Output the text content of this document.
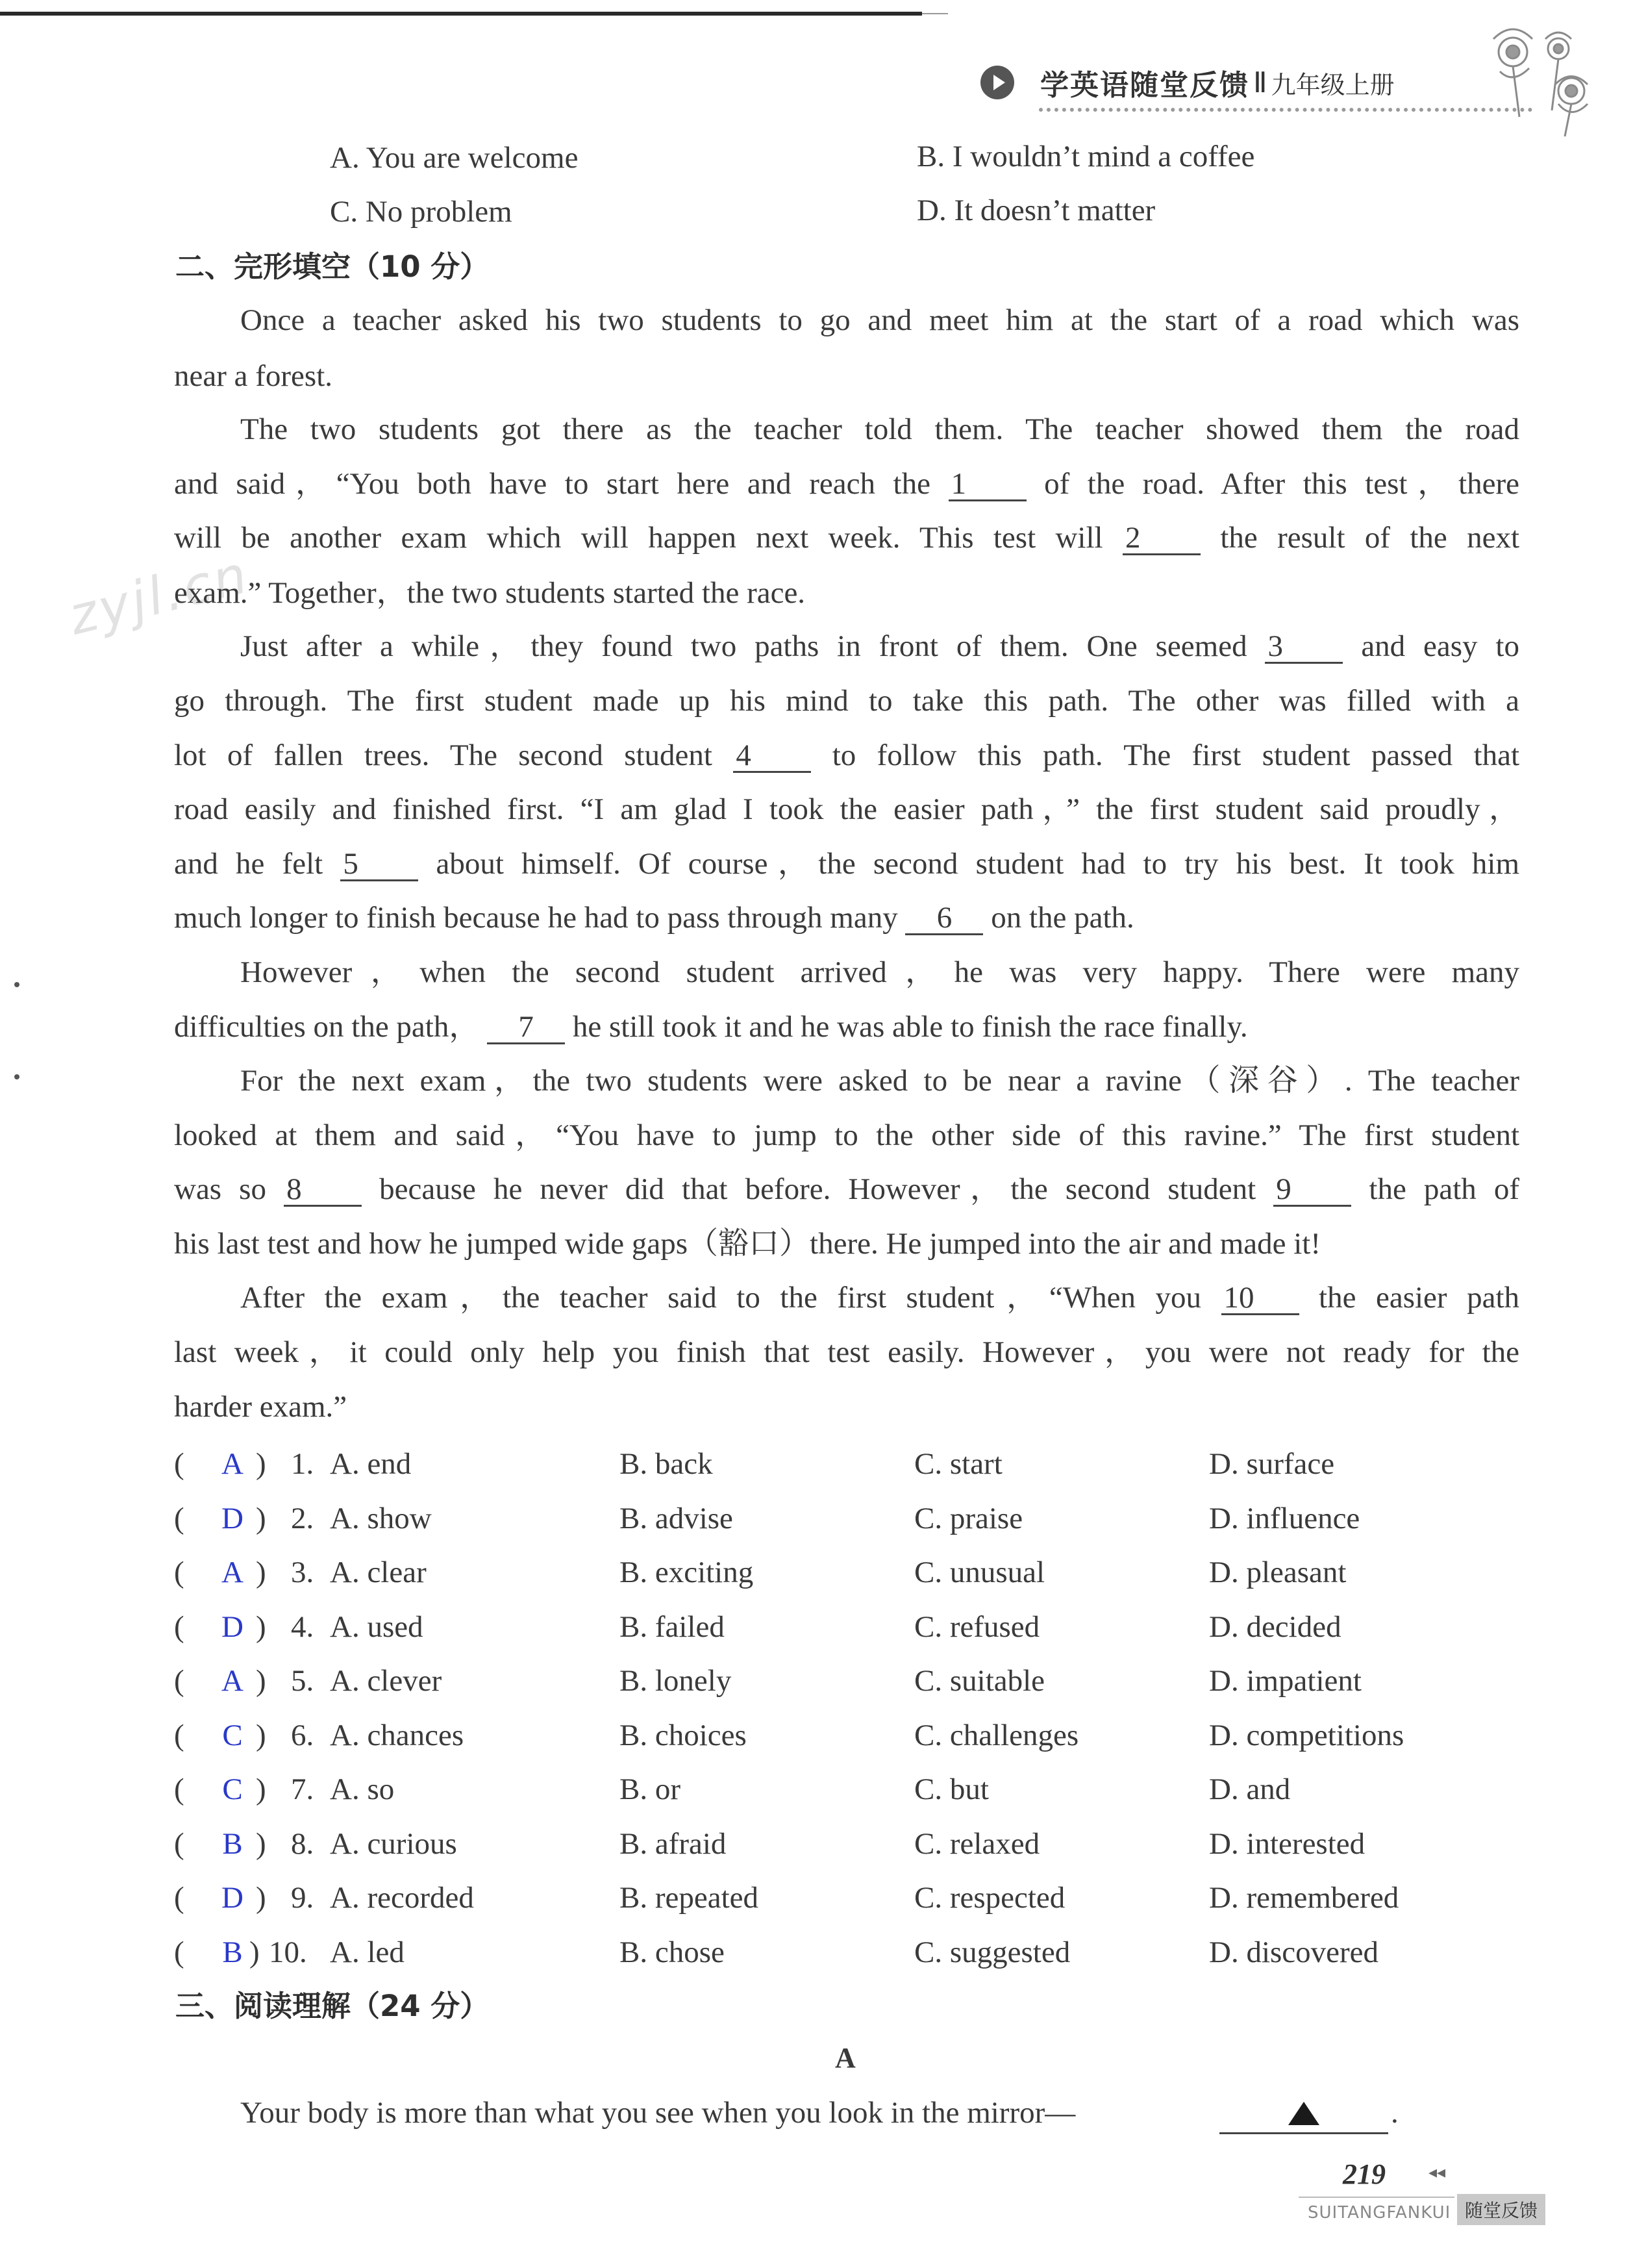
学英语随堂反馈 Ⅱ 九年级上册
zyjl.cn
A. You are welcome	B. I wouldn’t mind a coffee
C. No problem	D. It doesn’t matter
二、完形填空（10 分）
Once a teacher asked his two students to go and meet him at the start of a road which was
near a forest.
The two students got there as the teacher told them. The teacher showed them the road
and said，“You both have to start here and reach the 1	of the road. After this test，there
will be another exam which will happen next week. This test will 2	the result of the next
exam.” Together，the two students started the race.
Just after a while，they found two paths in front of them. One seemed 3	and easy to
go through. The first student made up his mind to take this path. The other was filled with a
lot of fallen trees. The second student 4	to follow this path. The first student passed that
road easily and finished first. “I am glad I took the easier path，” the first student said proudly，
and he felt 5	about himself. Of course，the second student had to try his best. It took him
much longer to finish because he had to pass through many 6 on the path.
However，when the second student arrived，he was very happy. There were many
difficulties on the path， 7 he still took it and he was able to finish the race finally.
For the next exam，the two students were asked to be near a ravine（深谷）. The teacher
looked at them and said，“You have to jump to the other side of this ravine.” The first student
was so 8	because he never did that before. However，the second student 9	the path of
his last test and how he jumped wide gaps（豁口）there. He jumped into the air and made it!
After the exam，the teacher said to the first student，“When you 10 the easier path
last week，it could only help you finish that test easily. However，you were not ready for the
harder exam.”
( A ) 1. A. end	B. back	C. start	D. surface
( D ) 2. A. show	B. advise	C. praise	D. influence
( A ) 3. A. clear	B. exciting	C. unusual	D. pleasant
( D ) 4. A. used	B. failed	C. refused	D. decided
( A ) 5. A. clever	B. lonely	C. suitable	D. impatient
(	C ) 6. A. chances	B. choices	C. challenges	D. competitions
(	C ) 7. A. so	B. or	C. but	D. and
(	B ) 8. A. curious	B. afraid	C. relaxed	D. interested
( D ) 9. A. recorded	B. repeated	C. respected	D. remembered
(	B ) 10. A. led	B. chose	C. suggested	D. discovered
三、阅读理解（24 分）
A
Your body is more than what you see when you look in the mirror—	.
219	◂◂
SUITANGFANKUI 随堂反馈
